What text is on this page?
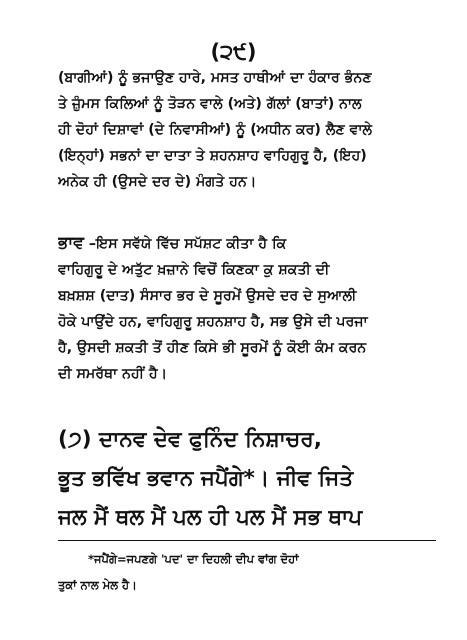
(੨੯)
(ਬਾਗੀਆਂ) ਨੂੰ ਭਜਾਉਣ ਹਾਰੇ, ਮਸਤ ਹਾਥੀਆਂ ਦਾ ਹੰਕਾਰ ਭੰਨਣ
ਤੇ ਜ਼ੁੰਮਸ ਕਿਲਿਆਂ ਨੂੰ ਤੋੜਨ ਵਾਲੇ (ਅਤੇ) ਗੱਲਾਂ (ਬਾਤਾਂ) ਨਾਲ
ਹੀ ਦੋਹਾਂ ਦਿਸ਼ਾਵਾਂ (ਦੇ ਨਿਵਾਸੀਆਂ) ਨੂੰ (ਅਧੀਨ ਕਰ) ਲੈਣ ਵਾਲੇ
(ਇਨ੍ਹਾਂ) ਸਭਨਾਂ ਦਾ ਦਾਤਾ ਤੇ ਸ਼ਹਨਸ਼ਾਹ ਵਾਹਿਗੁਰੂ ਹੈ, (ਇਹ)
ਅਨੇਕ ਹੀ (ਉਸਦੇ ਦਰ ਦੇ) ਮੰਗਤੇ ਹਨ।
ਭਾਵ –ਇਸ ਸਵੱਯੇ ਵਿੱਚ ਸਪੱਸ਼ਟ ਕੀਤਾ ਹੈ ਕਿ
ਵਾਹਿਗੁਰੂ ਦੇ ਅਤੁੱਟ ਖ਼ਜ਼ਾਨੇ ਵਿਚੋਂ ਕਿਣਕਾ ਕੁ ਸ਼ਕਤੀ ਦੀ
ਬਖ਼ਸ਼ਸ਼ (ਦਾਤ) ਸੰਸਾਰ ਭਰ ਦੇ ਸੂਰਮੇਂ ਉਸਦੇ ਦਰ ਦੇ ਸੁਆਲੀ
ਹੋਕੇ ਪਾਉਂਦੇ ਹਨ, ਵਾਹਿਗੁਰੂ ਸ਼ਹਨਸ਼ਾਹ ਹੈ, ਸਭ ਉਸੇ ਦੀ ਪਰਜਾ
ਹੈ, ਉਸਦੀ ਸ਼ਕਤੀ ਤੋਂ ਹੀਣ ਕਿਸੇ ਭੀ ਸੂਰਮੇਂ ਨੂੰ ਕੋਈ ਕੰਮ ਕਰਨ
ਦੀ ਸਮਰੱਥਾ ਨਹੀਂ ਹੈ।
(੭) ਦਾਨਵ ਦੇਵ ਫੁਨਿੰਦ ਨਿਸ਼ਾਚਰ,
ਭੂਤ ਭਵਿੱਖ ਭਵਾਨ ਜਪੈਂਗੇ*। ਜੀਵ ਜਿਤੇ
ਜਲ ਮੈਂ ਥਲ ਮੈਂ ਪਲ ਹੀ ਪਲ ਮੈਂ ਸਭ ਥਾਪ
*ਜਪੈਂਗੇ=ਜਪਣਗੇ 'ਪਦ' ਦਾ ਦਿਹਲੀ ਦੀਪ ਵਾਂਗ ਦੋਹਾਂ
ਤੁਕਾਂ ਨਾਲ ਮੇਲ ਹੈ।
